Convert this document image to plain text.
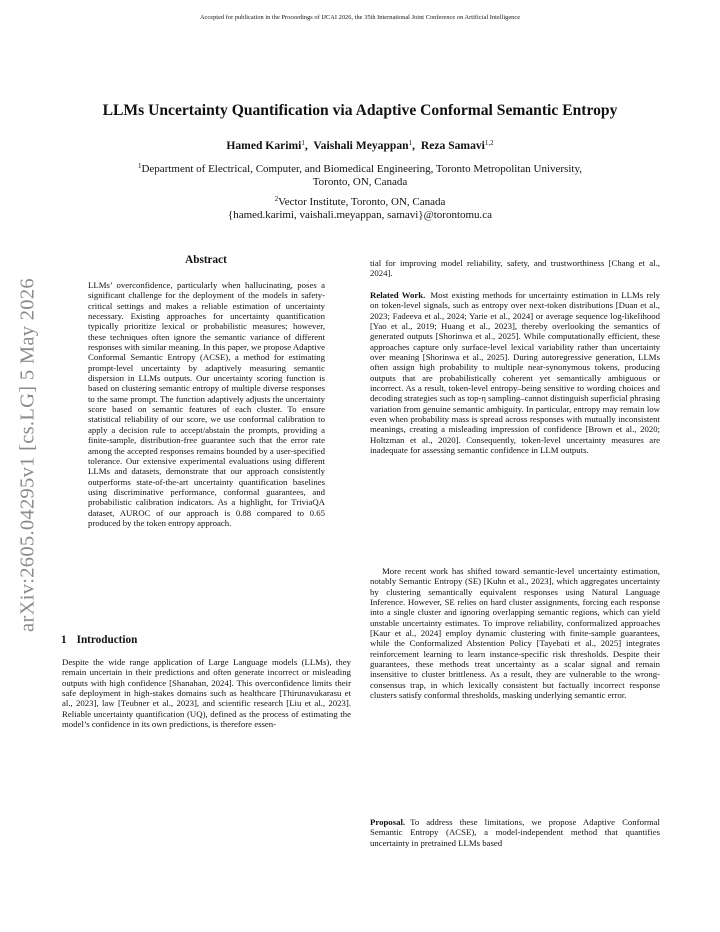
Accepted for publication in the Proceedings of IJCAI 2026, the 35th International Joint Conference on Artificial Intelligence
arXiv:2605.04295v1 [cs.LG] 5 May 2026
LLMs Uncertainty Quantification via Adaptive Conformal Semantic Entropy
Hamed Karimi$^1$,  Vaishali Meyappan$^1$,  Reza Samavi$^{1,2}$
$^1$Department of Electrical, Computer, and Biomedical Engineering, Toronto Metropolitan University,
Toronto, ON, Canada
$^2$Vector Institute, Toronto, ON, Canada
{hamed.karimi, vaishali.meyappan, samavi}@torontomu.ca
Abstract

LLMs’ overconfidence, particularly when hallucinating, poses a significant challenge for the deployment of the models in safety-critical settings and makes a reliable estimation of uncertainty necessary. Existing approaches for uncertainty quantification typically prioritize lexical or probabilistic measures; however, these techniques often ignore the semantic variance of different responses with similar meaning. In this paper, we propose Adaptive Conformal Semantic Entropy (ACSE), a method for estimating prompt-level uncertainty by adaptively measuring semantic dispersion in LLMs outputs. Our uncertainty scoring function is based on clustering semantic entropy of multiple diverse responses to the same prompt. The function adaptively adjusts the uncertainty score based on semantic features of each cluster. To ensure statistical reliability of our score, we use conformal calibration to apply a decision rule to accept/abstain the prompts, providing a finite-sample, distribution-free guarantee such that the error rate among the accepted responses remains bounded by a user-specified tolerance. Our extensive experimental evaluations using different LLMs and datasets, demonstrate that our approach consistently outperforms state-of-the-art uncertainty quantification baselines using discriminative performance, conformal guarantees, and probabilistic calibration indicators. As a highlight, for TriviaQA dataset, AUROC of our approach is 0.88 compared to 0.65 produced by the token entropy approach.

1 Introduction

Despite the wide range application of Large Language models (LLMs), they remain uncertain in their predictions and often generate incorrect or misleading outputs with high confidence [Shanahan, 2024]. This overconfidence limits their safe deployment in high-stakes domains such as healthcare [Thirunavukarasu et al., 2023], law [Teubner et al., 2023], and scientific research [Liu et al., 2023]. Reliable uncertainty quantification (UQ), defined as the process of estimating the model’s confidence in its own predictions, is therefore essen-

tial for improving model reliability, safety, and trustworthiness [Chang et al., 2024].

Related Work. Most existing methods for uncertainty estimation in LLMs rely on token-level signals, such as entropy over next-token distributions [Duan et al., 2023; Fadeeva et al., 2024; Yarie et al., 2024] or average sequence log-likelihood [Yao et al., 2019; Huang et al., 2023], thereby overlooking the semantics of generated outputs [Shorinwa et al., 2025]. While computationally efficient, these approaches capture only surface-level lexical variability rather than uncertainty over meaning [Shorinwa et al., 2025]. During autoregressive generation, LLMs often assign high probability to multiple near-synonymous tokens, producing outputs that are probabilistically coherent yet semantically ambiguous or incorrect. As a result, token-level entropy–being sensitive to wording choices and decoding strategies such as top-η sampling–cannot distinguish superficial phrasing variation from genuine semantic ambiguity. In particular, entropy may remain low even when probability mass is spread across responses with mutually inconsistent meanings, creating a misleading impression of confidence [Brown et al., 2020; Holtzman et al., 2020]. Consequently, token-level uncertainty measures are inadequate for assessing semantic confidence in LLM outputs.

More recent work has shifted toward semantic-level uncertainty estimation, notably Semantic Entropy (SE) [Kuhn et al., 2023], which aggregates uncertainty by clustering semantically equivalent responses using Natural Language Inference. However, SE relies on hard cluster assignments, forcing each response into a single cluster and ignoring overlapping semantic regions, which can yield unstable uncertainty estimates. To improve reliability, conformalized approaches [Kaur et al., 2024] employ dynamic clustering with finite-sample guarantees, while the Conformalized Abstention Policy [Tayebati et al., 2025] integrates reinforcement learning to learn instance-specific risk thresholds. Despite their guarantees, these methods treat uncertainty as a scalar signal and remain insensitive to cluster brittleness. As a result, they are vulnerable to the wrong-consensus trap, in which lexically consistent but factually incorrect response clusters satisfy conformal thresholds, masking underlying semantic error.

Proposal. To address these limitations, we propose Adaptive Conformal Semantic Entropy (ACSE), a model-independent method that quantifies uncertainty in pretrained LLMs based
